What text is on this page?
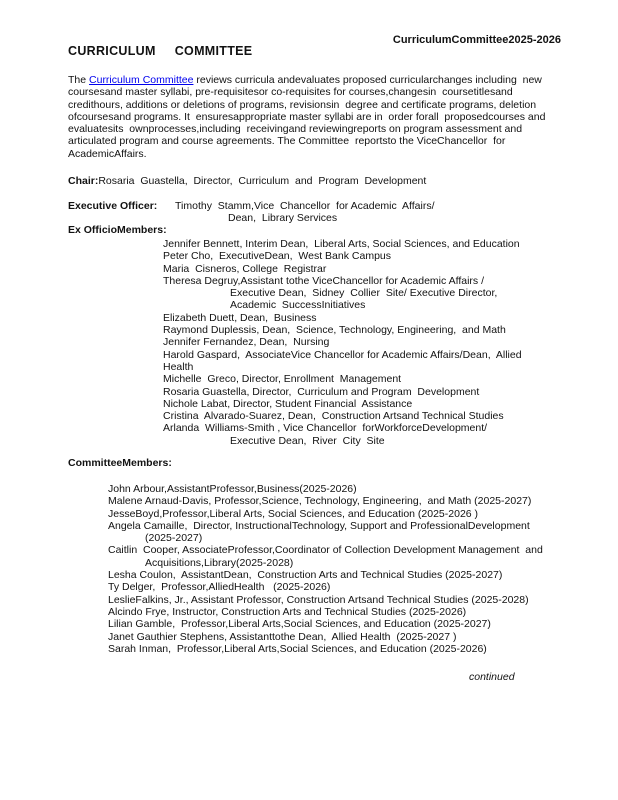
CurriculumCommittee2025-2026
CURRICULUM COMMITTEE
The Curriculum Committee reviews curricula andevaluates proposed curricularchanges including  new coursesand master syllabi, pre-requisitesor co-requisites for courses,changesin  coursetitlesand credithours, additions or deletions of programs, revisionsin  degree and certificate programs, deletion ofcoursesand programs. It  ensuresappropriate master syllabi are in  order forall  proposedcourses and evaluatesits  ownprocesses,including  receivingand reviewingreports on program assessment and articulated program and course agreements. The Committee  reportsto the ViceChancellor  for AcademicAffairs.
Chair:Rosaria  Guastella,  Director,  Curriculum  and  Program  Development
Executive Officer: Timothy  Stamm,Vice  Chancellor  for Academic  Affairs/
Dean,  Library Services
Ex OfficioMembers:
Jennifer Bennett, Interim Dean,  Liberal Arts, Social Sciences, and Education
Peter Cho,  ExecutiveDean,  West Bank Campus
Maria  Cisneros, College  Registrar
Theresa Degruy,Assistant tothe ViceChancellor for Academic Affairs /
Executive Dean,  Sidney  Collier  Site/ Executive Director,
Academic  SuccessInitiatives
Elizabeth Duett, Dean,  Business
Raymond Duplessis, Dean,  Science, Technology, Engineering,  and Math
Jennifer Fernandez, Dean,  Nursing
Harold Gaspard,  AssociateVice Chancellor for Academic Affairs/Dean,  Allied
Health
Michelle  Greco, Director, Enrollment  Management
Rosaria Guastella, Director,  Curriculum and Program  Development
Nichole Labat, Director, Student Financial  Assistance
Cristina  Alvarado-Suarez, Dean,  Construction Artsand Technical Studies
Arlanda  Williams-Smith , Vice Chancellor  forWorkforceDevelopment/
Executive Dean,  River  City  Site
CommitteeMembers:
John Arbour,AssistantProfessor,Business(2025-2026)
Malene Arnaud-Davis, Professor,Science, Technology, Engineering,  and Math (2025-2027)
JesseBoyd,Professor,Liberal Arts, Social Sciences, and Education (2025-2026 )
Angela Camaille,  Director, InstructionalTechnology, Support and ProfessionalDevelopment
(2025-2027)
Caitlin  Cooper, AssociateProfessor,Coordinator of Collection Development Management  and
Acquisitions,Library(2025-2028)
Lesha Coulon,  AssistantDean,  Construction Arts and Technical Studies (2025-2027)
Ty Delger,  Professor,AlliedHealth   (2025-2026)
LeslieFalkins, Jr., Assistant Professor, Construction Artsand Technical Studies (2025-2028)
Alcindo Frye, Instructor, Construction Arts and Technical Studies (2025-2026)
Lilian Gamble,  Professor,Liberal Arts,Social Sciences, and Education (2025-2027)
Janet Gauthier Stephens, Assistanttothe Dean,  Allied Health  (2025-2027 )
Sarah Inman,  Professor,Liberal Arts,Social Sciences, and Education (2025-2026)
continued
